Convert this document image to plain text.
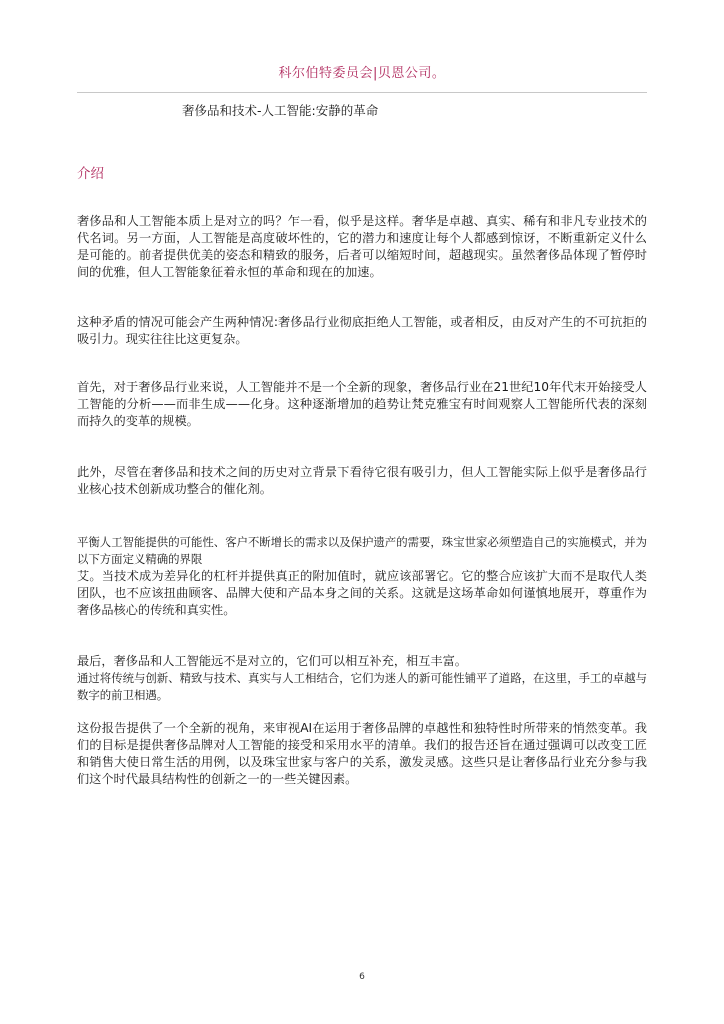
科尔伯特委员会|贝恩公司。
奢侈品和技术-人工智能:安静的革命
介绍

奢侈品和人工智能本质上是对立的吗？乍一看，似乎是这样。奢华是卓越、真实、稀有和非凡专业技术的代名词。另一方面，人工智能是高度破坏性的，它的潜力和速度让每个人都感到惊讶，不断重新定义什么是可能的。前者提供优美的姿态和精致的服务，后者可以缩短时间，超越现实。虽然奢侈品体现了暂停时间的优雅，但人工智能象征着永恒的革命和现在的加速。

这种矛盾的情况可能会产生两种情况:奢侈品行业彻底拒绝人工智能，或者相反，由反对产生的不可抗拒的吸引力。现实往往比这更复杂。

首先，对于奢侈品行业来说，人工智能并不是一个全新的现象，奢侈品行业在21世纪10年代末开始接受人工智能的分析——而非生成——化身。这种逐渐增加的趋势让梵克雅宝有时间观察人工智能所代表的深刻而持久的变革的规模。

此外，尽管在奢侈品和技术之间的历史对立背景下看待它很有吸引力，但人工智能实际上似乎是奢侈品行业核心技术创新成功整合的催化剂。

平衡人工智能提供的可能性、客户不断增长的需求以及保护遗产的需要，珠宝世家必须塑造自己的实施模式，并为以下方面定义精确的界限
艾。当技术成为差异化的杠杆并提供真正的附加值时，就应该部署它。它的整合应该扩大而不是取代人类团队，也不应该扭曲顾客、品牌大使和产品本身之间的关系。这就是这场革命如何谨慎地展开，尊重作为奢侈品核心的传统和真实性。
最后，奢侈品和人工智能远不是对立的，它们可以相互补充，相互丰富。
通过将传统与创新、精致与技术、真实与人工相结合，它们为迷人的新可能性铺平了道路，在这里，手工的卓越与数字的前卫相遇。

这份报告提供了一个全新的视角，来审视AI在运用于奢侈品牌的卓越性和独特性时所带来的悄然变革。我们的目标是提供奢侈品牌对人工智能的接受和采用水平的清单。我们的报告还旨在通过强调可以改变工匠和销售大使日常生活的用例，以及珠宝世家与客户的关系，激发灵感。这些只是让奢侈品行业充分参与我们这个时代最具结构性的创新之一的一些关键因素。

6
